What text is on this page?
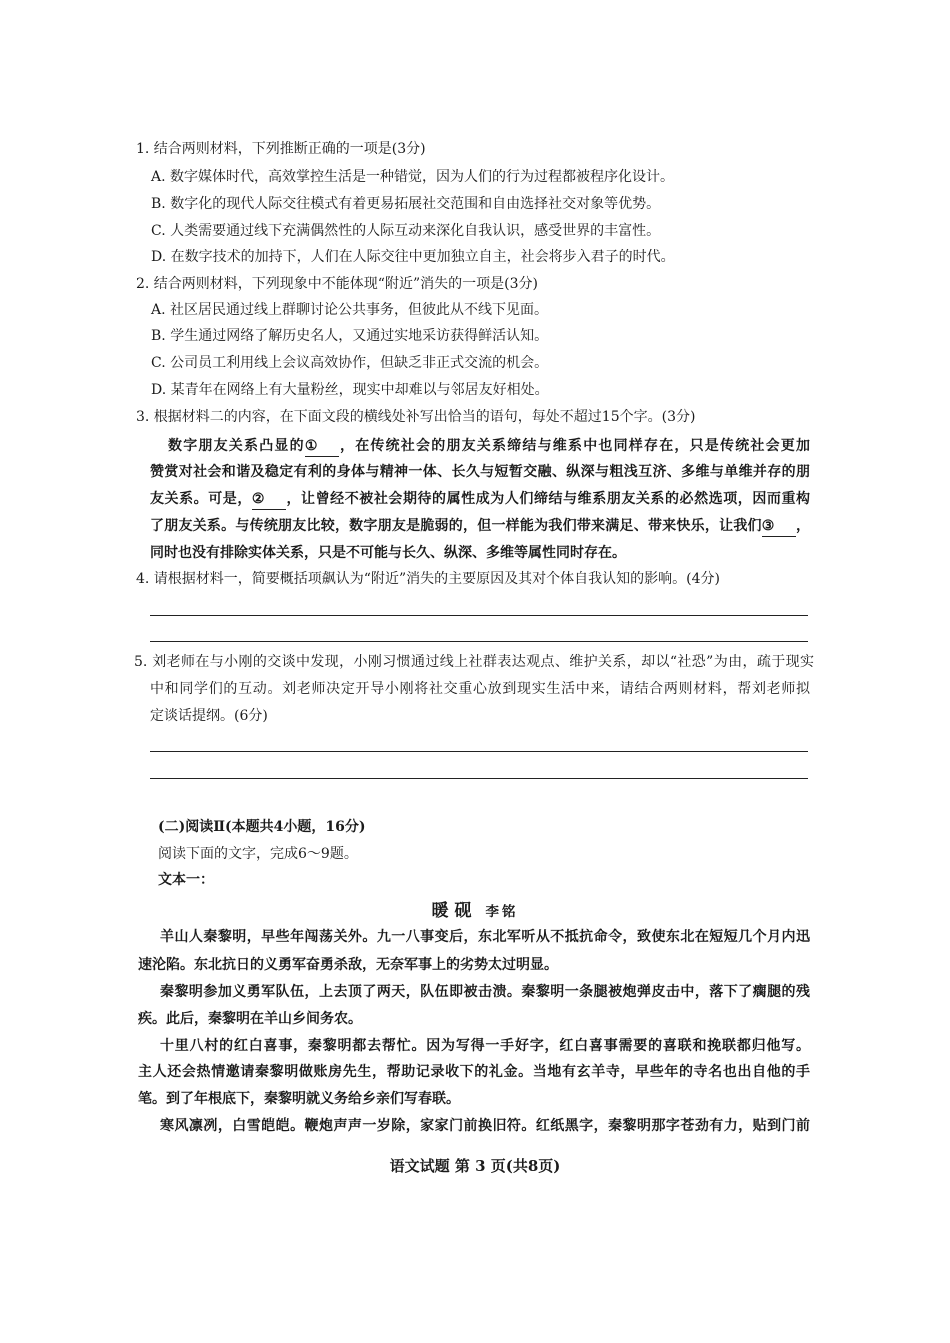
1. 结合两则材料，下列推断正确的一项是(3分)
A. 数字媒体时代，高效掌控生活是一种错觉，因为人们的行为过程都被程序化设计。
B. 数字化的现代人际交往模式有着更易拓展社交范围和自由选择社交对象等优势。
C. 人类需要通过线下充满偶然性的人际互动来深化自我认识，感受世界的丰富性。
D. 在数字技术的加持下，人们在人际交往中更加独立自主，社会将步入君子的时代。
2. 结合两则材料，下列现象中不能体现“附近”消失的一项是(3分)
A. 社区居民通过线上群聊讨论公共事务，但彼此从不线下见面。
B. 学生通过网络了解历史名人，又通过实地采访获得鲜活认知。
C. 公司员工利用线上会议高效协作，但缺乏非正式交流的机会。
D. 某青年在网络上有大量粉丝，现实中却难以与邻居友好相处。
3. 根据材料二的内容，在下面文段的横线处补写出恰当的语句，每处不超过15个字。(3分)
数字朋友关系凸显的① ，在传统社会的朋友关系缔结与维系中也同样存在，只是传统社会更加
赞赏对社会和谐及稳定有利的身体与精神一体、长久与短暂交融、纵深与粗浅互济、多维与单维并存的朋
友关系。可是，② ，让曾经不被社会期待的属性成为人们缔结与维系朋友关系的必然选项，因而重构
了朋友关系。与传统朋友比较，数字朋友是脆弱的，但一样能为我们带来满足、带来快乐，让我们③ ，
同时也没有排除实体关系，只是不可能与长久、纵深、多维等属性同时存在。
4. 请根据材料一，简要概括项飙认为“附近”消失的主要原因及其对个体自我认知的影响。(4分)
5. 刘老师在与小刚的交谈中发现，小刚习惯通过线上社群表达观点、维护关系，却以“社恐”为由，疏于现实
中和同学们的互动。刘老师决定开导小刚将社交重心放到现实生活中来，请结合两则材料，帮刘老师拟
定谈话提纲。(6分)
(二)阅读Ⅱ(本题共4小题，16分)
阅读下面的文字，完成6～9题。
文本一：
暖砚 李铭
羊山人秦黎明，早些年闯荡关外。九一八事变后，东北军听从不抵抗命令，致使东北在短短几个月内迅
速沦陷。东北抗日的义勇军奋勇杀敌，无奈军事上的劣势太过明显。
秦黎明参加义勇军队伍，上去顶了两天，队伍即被击溃。秦黎明一条腿被炮弹皮击中，落下了瘸腿的残
疾。此后，秦黎明在羊山乡间务农。
十里八村的红白喜事，秦黎明都去帮忙。因为写得一手好字，红白喜事需要的喜联和挽联都归他写。
主人还会热情邀请秦黎明做账房先生，帮助记录收下的礼金。当地有玄羊寺，早些年的寺名也出自他的手
笔。到了年根底下，秦黎明就义务给乡亲们写春联。
寒风凛冽，白雪皑皑。鞭炮声声一岁除，家家门前换旧符。红纸黑字，秦黎明那字苍劲有力，贴到门前
语文试题 第 3 页(共8页)
